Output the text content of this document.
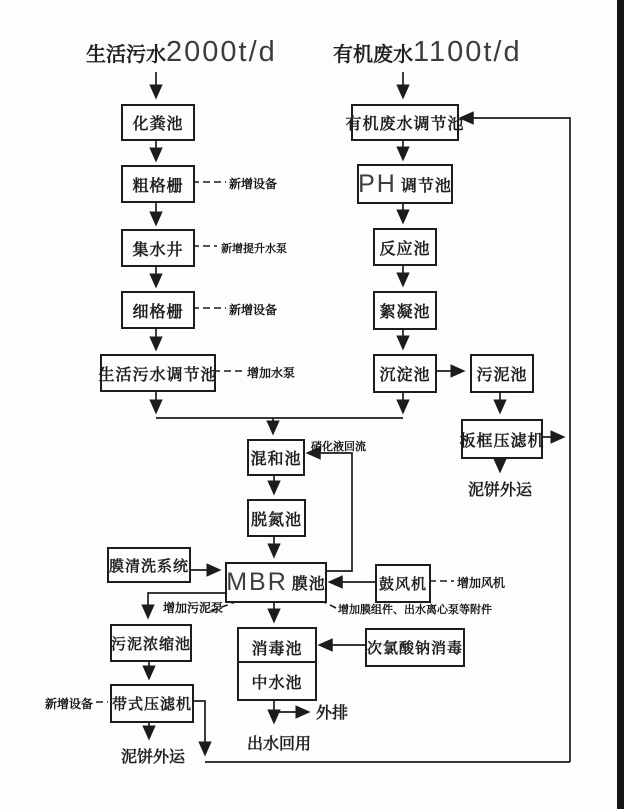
生活污水 2000t/d	有机废水 1100t/d
化粪池
粗格栅
集水井
细格栅
生活污水调节池
有机废水调节池
PH 调节池
反应池
絮凝池
沉淀池	污泥池
板框压滤机
混和池
脱氮池
膜清洗系统
MBR 膜池	鼓风机
污泥浓缩池	消毒池
中水池
次氯酸钠消毒
带式压滤机
泥饼外运
泥饼外运
出水回用
外排
新增设备
新增提升水泵
新增设备
增加水泵
硝化液回流
增加风机
增加污泥泵	增加膜组件、出水离心泵等附件
新增设备
